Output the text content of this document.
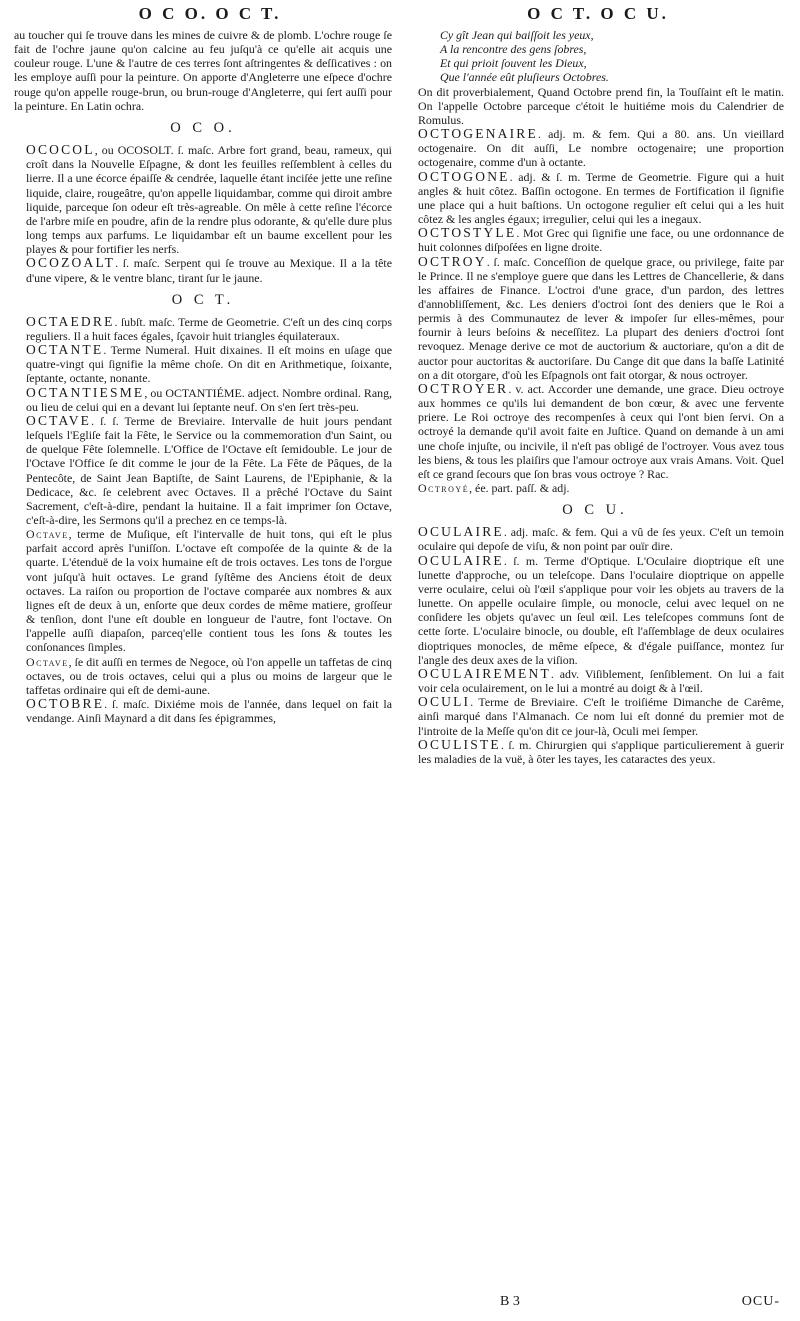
O C O. O C T.	O C T. O C U.

au toucher qui ſe trouve dans les mines de cuivre & de plomb. L'ochre rouge ſe fait de l'ochre jaune qu'on calcine au feu juſqu'à ce qu'elle ait acquis une couleur rouge. L'une & l'autre de ces terres ſont aſtringentes & deſſicatives : on les employe auſſi pour la peinture. On apporte d'Angleterre une eſpece d'ochre rouge qu'on appelle rouge-brun, ou brun-rouge d'Angleterre, qui ſert auſſi pour la peinture. En Latin ochra.

O C O.

OCOCOL, ou OCOSOLT. ſ. maſc. Arbre fort grand, beau, rameux, qui croît dans la Nouvelle Eſpagne, & dont les feuilles reſſemblent à celles du lierre. Il a une écorce épaiſſe & cendrée, laquelle étant inciſée jette une reſine liquide, claire, rougeâtre, qu'on appelle liquidambar, comme qui diroit ambre liquide, parceque ſon odeur eſt très-agreable. On mêle à cette reſine l'écorce de l'arbre miſe en poudre, afin de la rendre plus odorante, & qu'elle dure plus long temps aux parfums. Le liquidambar eſt un baume excellent pour les playes & pour fortifier les nerfs.

OCOZOALT. ſ. maſc. Serpent qui ſe trouve au Mexique. Il a la tête d'une vipere, & le ventre blanc, tirant ſur le jaune.

O C T.

OCTAEDRE. ſubſt. maſc. Terme de Geometrie. C'eſt un des cinq corps reguliers. Il a huit faces égales, ſçavoir huit triangles équilateraux.

OCTANTE. Terme Numeral. Huit dixaines. Il eſt moins en uſage que quatre-vingt qui ſignifie la même choſe. On dit en Arithmetique, ſoixante, ſeptante, octante, nonante.

OCTANTIESME, ou OCTANTIÉME. adject. Nombre ordinal. Rang, ou lieu de celui qui en a devant lui ſeptante neuf. On s'en ſert très-peu.

OCTAVE. ſ. ſ. Terme de Breviaire. Intervalle de huit jours pendant leſquels l'Egliſe fait la Fête, le Service ou la commemoration d'un Saint, ou de quelque Fête ſolemnelle. L'Office de l'Octave eſt ſemidouble. Le jour de l'Octave l'Office ſe dit comme le jour de la Fête. La Fête de Pâques, de la Pentecôte, de Saint Jean Baptiſte, de Saint Laurens, de l'Epiphanie, & la Dedicace, &c. ſe celebrent avec Octaves. Il a prêché l'Octave du Saint Sacrement, c'eſt-à-dire, pendant la huitaine. Il a fait imprimer ſon Octave, c'eſt-à-dire, les Sermons qu'il a prechez en ce temps-là.

Octave, terme de Muſique, eſt l'intervalle de huit tons, qui eſt le plus parfait accord après l'uniſſon. L'octave eſt compoſée de la quinte & de la quarte. L'étenduë de la voix humaine eſt de trois octaves. Les tons de l'orgue vont juſqu'à huit octaves. Le grand ſyſtême des Anciens étoit de deux octaves. La raiſon ou proportion de l'octave comparée aux nombres & aux lignes eſt de deux à un, enſorte que deux cordes de même matiere, groſſeur & tenſion, dont l'une eſt double en longueur de l'autre, font l'octave. On l'appelle auſſi diapaſon, parceq'elle contient tous les ſons & toutes les conſonances ſimples.

Octave, ſe dit auſſi en termes de Negoce, où l'on appelle un taffetas de cinq octaves, ou de trois octaves, celui qui a plus ou moins de largeur que le taffetas ordinaire qui eſt de demi-aune.

OCTOBRE. ſ. maſc. Dixiéme mois de l'année, dans lequel on fait la vendange. Ainſi Maynard a dit dans ſes épigrammes,

Cy gît Jean qui baiſſoit les yeux,

A la rencontre des gens ſobres,

Et qui prioit ſouvent les Dieux,

Que l'année eût pluſieurs Octobres.

On dit proverbialement, Quand Octobre prend fin, la Touſſaint eſt le matin. On l'appelle Octobre parceque c'étoit le huitiéme mois du Calendrier de Romulus.

OCTOGENAIRE. adj. m. & fem. Qui a 80. ans. Un vieillard octogenaire. On dit auſſi, Le nombre octogenaire; une proportion octogenaire, comme d'un à octante.

OCTOGONE. adj. & ſ. m. Terme de Geometrie. Figure qui a huit angles & huit côtez. Baſſin octogone. En termes de Fortification il ſignifie une place qui a huit baſtions. Un octogone regulier eſt celui qui a les huit côtez & les angles égaux; irregulier, celui qui les a inegaux.

OCTOSTYLE. Mot Grec qui ſignifie une face, ou une ordonnance de huit colonnes diſpoſées en ligne droite.

OCTROY. ſ. maſc. Conceſſion de quelque grace, ou privilege, faite par le Prince. Il ne s'employe guere que dans les Lettres de Chancellerie, & dans les affaires de Finance. L'octroi d'une grace, d'un pardon, des lettres d'annobliſſement, &c. Les deniers d'octroi ſont des deniers que le Roi a permis à des Communautez de lever & impoſer ſur elles-mêmes, pour fournir à leurs beſoins & neceſſitez. La plupart des deniers d'octroi ſont revoquez. Menage derive ce mot de auctorium & auctoriare, qu'on a dit de auctor pour auctoritas & auctoriſare. Du Cange dit que dans la baſſe Latinité on a dit otorgare, d'où les Eſpagnols ont fait otorgar, & nous octroyer.

OCTROYER. v. act. Accorder une demande, une grace. Dieu octroye aux hommes ce qu'ils lui demandent de bon cœur, & avec une fervente priere. Le Roi octroye des recompenſes à ceux qui l'ont bien ſervi. On a octroyé la demande qu'il avoit faite en Juſtice. Quand on demande à un ami une choſe injuſte, ou incivile, il n'eſt pas obligé de l'octroyer. Vous avez tous les biens, & tous les plaiſirs que l'amour octroye aux vrais Amans. Voit. Quel eſt ce grand ſecours que ſon bras vous octroye ? Rac.

Octroyé, ée. part. paſſ. & adj.

O C U.

OCULAIRE. adj. maſc. & fem. Qui a vû de ſes yeux. C'eſt un temoin oculaire qui depoſe de viſu, & non point par ouïr dire.

OCULAIRE. ſ. m. Terme d'Optique. L'Oculaire dioptrique eſt une lunette d'approche, ou un teleſcope. Dans l'oculaire dioptrique on appelle verre oculaire, celui où l'œil s'applique pour voir les objets au travers de la lunette. On appelle oculaire ſimple, ou monocle, celui avec lequel on ne conſidere les objets qu'avec un ſeul œil. Les teleſcopes communs ſont de cette ſorte. L'oculaire binocle, ou double, eſt l'aſſemblage de deux oculaires dioptriques monocles, de même eſpece, & d'égale puiſſance, montez ſur l'angle des deux axes de la viſion.

OCULAIREMENT. adv. Viſiblement, ſenſiblement. On lui a fait voir cela oculairement, on le lui a montré au doigt & à l'œil.

OCULI. Terme de Breviaire. C'eſt le troiſiéme Dimanche de Carême, ainſi marqué dans l'Almanach. Ce nom lui eſt donné du premier mot de l'introite de la Meſſe qu'on dit ce jour-là, Oculi mei ſemper.

OCULISTE. ſ. m. Chirurgien qui s'applique particulierement à guerir les maladies de la vuë, à ôter les tayes, les cataractes des yeux.

B 3	OCU-
